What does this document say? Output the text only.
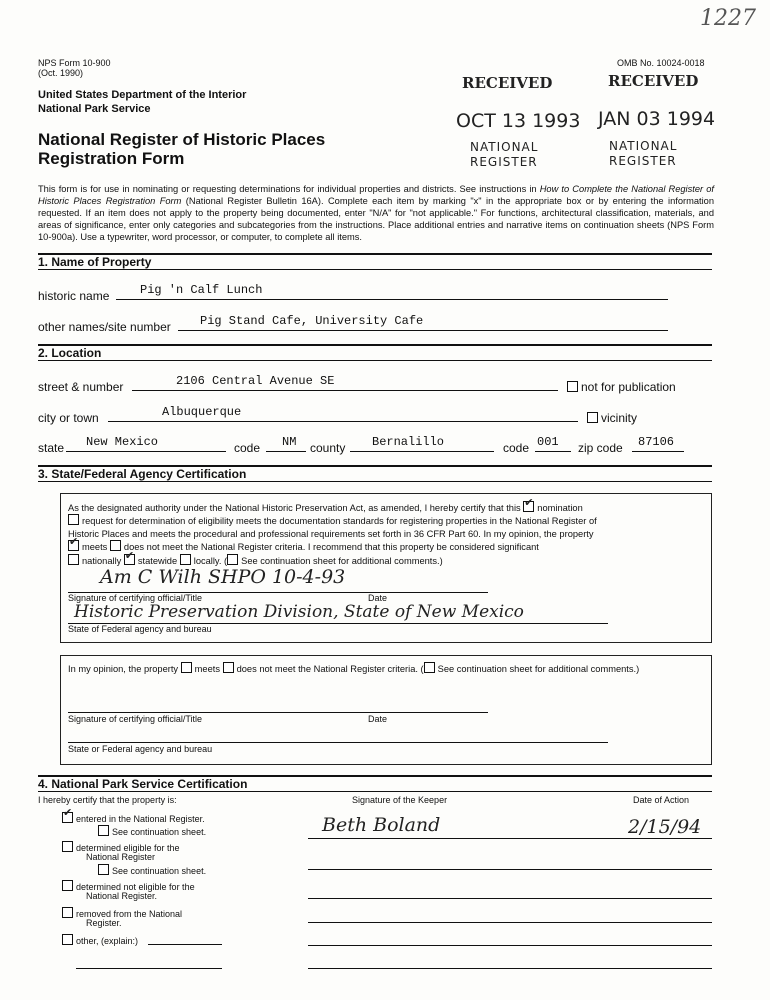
1227
NPS Form 10-900
(Oct. 1990)
United States Department of the Interior
National Park Service
National Register of Historic Places
Registration Form
OMB No. 10024-0018
RECEIVED
OCT 13 1993
NATIONAL
REGISTER
RECEIVED
JAN 03 1994
NATIONAL
REGISTER
This form is for use in nominating or requesting determinations for individual properties and districts. See instructions in How to Complete the National Register of Historic Places Registration Form (National Register Bulletin 16A). Complete each item by marking "x" in the appropriate box or by entering the information requested. If an item does not apply to the property being documented, enter "N/A" for "not applicable." For functions, architectural classification, materials, and areas of significance, enter only categories and subcategories from the instructions. Place additional entries and narrative items on continuation sheets (NPS Form 10-900a). Use a typewriter, word processor, or computer, to complete all items.
1. Name of Property
historic name	Pig 'n Calf Lunch
other names/site number Pig Stand Cafe, University Cafe
2. Location
street & number	2106 Central Avenue SE	not for publication
city or town	Albuquerque	vicinity
state New Mexico	code NM county Bernalillo	code 001 zip code 87106
3. State/Federal Agency Certification
As the designated authority under the National Historic Preservation Act, as amended, I hereby certify that this ✔ nomination
request for determination of eligibility meets the documentation standards for registering properties in the National Register of
Historic Places and meets the procedural and professional requirements set forth in 36 CFR Part 60. In my opinion, the property
✔meets does not meet the National Register criteria. I recommend that this property be considered significant
nationally ✔ statewide locally. ( See continuation sheet for additional comments.)
Am C Wilh SHPO 10-4-93
Signature of certifying official/Title	Date
Historic Preservation Division, State of New Mexico
State of Federal agency and bureau
In my opinion, the property meets does not meet the National Register criteria. ( See continuation sheet for additional comments.)
Signature of certifying official/Title	Date
State or Federal agency and bureau
4. National Park Service Certification
I hereby certify that the property is:	Signature of the Keeper	Date of Action
Beth Boland	2/15/94
✔entered in the National Register.
See continuation sheet.
determined eligible for the
National Register
See continuation sheet.
determined not eligible for the
National Register.
removed from the National
Register.
other, (explain:)
